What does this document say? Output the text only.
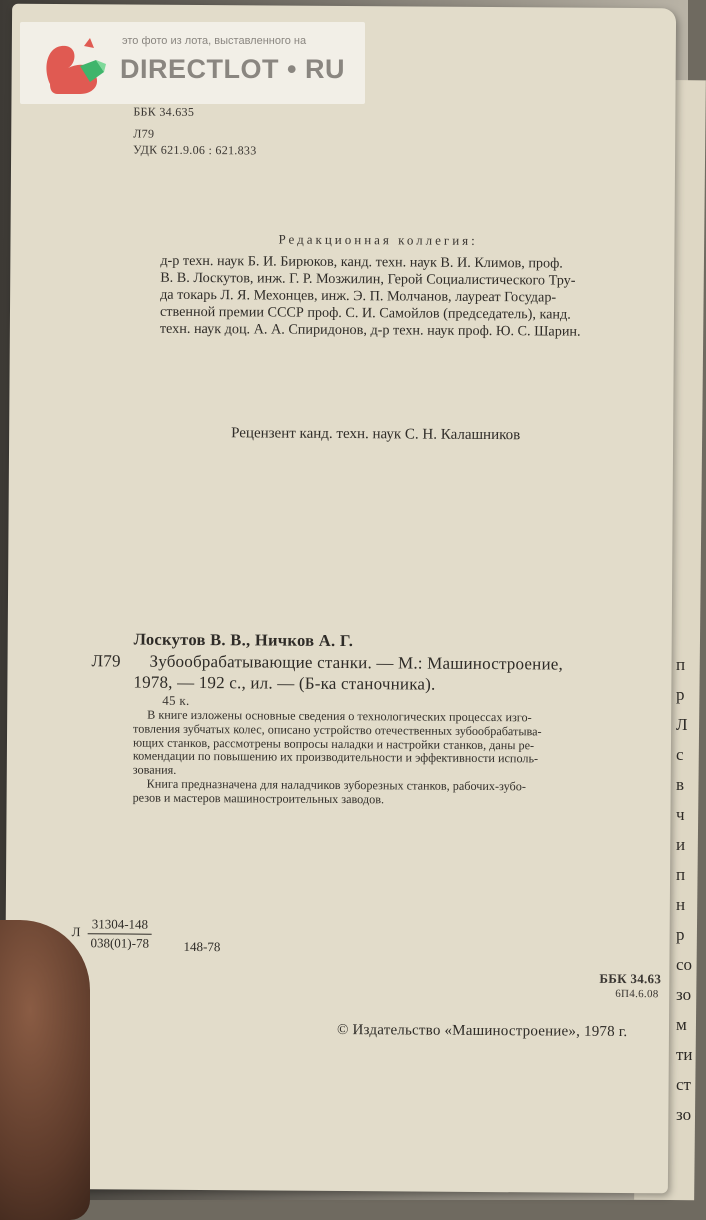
ББК 34.635
Л79
УДК 621.9.06 : 621.833
Редакционная коллегия:
д-р техн. наук Б. И. Бирюков, канд. техн. наук В. И. Климов, проф.
В. В. Лоскутов, инж. Г. Р. Мозжилин, Герой Социалистического Тру-
да токарь Л. Я. Мехонцев, инж. Э. П. Молчанов, лауреат Государ-
ственной премии СССР проф. С. И. Самойлов (председатель), канд.
техн. наук доц. А. А. Спиридонов, д-р техн. наук проф. Ю. С. Шарин.
Рецензент канд. техн. наук С. Н. Калашников
Лоскутов В. В., Ничков А. Г.
Л79 Зубообрабатывающие станки. — М.: Машиностроение,
1978, — 192 с., ил. — (Б-ка станочника).
45 к.
В книге изложены основные сведения о технологических процессах изго-
товления зубчатых колес, описано устройство отечественных зубообрабатыва-
ющих станков, рассмотрены вопросы наладки и настройки станков, даны ре-
комендации по повышению их производительности и эффективности исполь-
зования.
Книга предназначена для наладчиков зуборезных станков, рабочих-зубо-
резов и мастеров машиностроительных заводов.
Л $\frac{31304-148}{038(01)-78} 148-78$
ББК 34.63
6П4.6.08
© Издательство «Машиностроение», 1978 г.
п
р
Л
с
в
ч
и
п
н
р
со
зо
м
ти
ст
зо
это фото из лота, выставленного на
DIRECTLOT • RU
